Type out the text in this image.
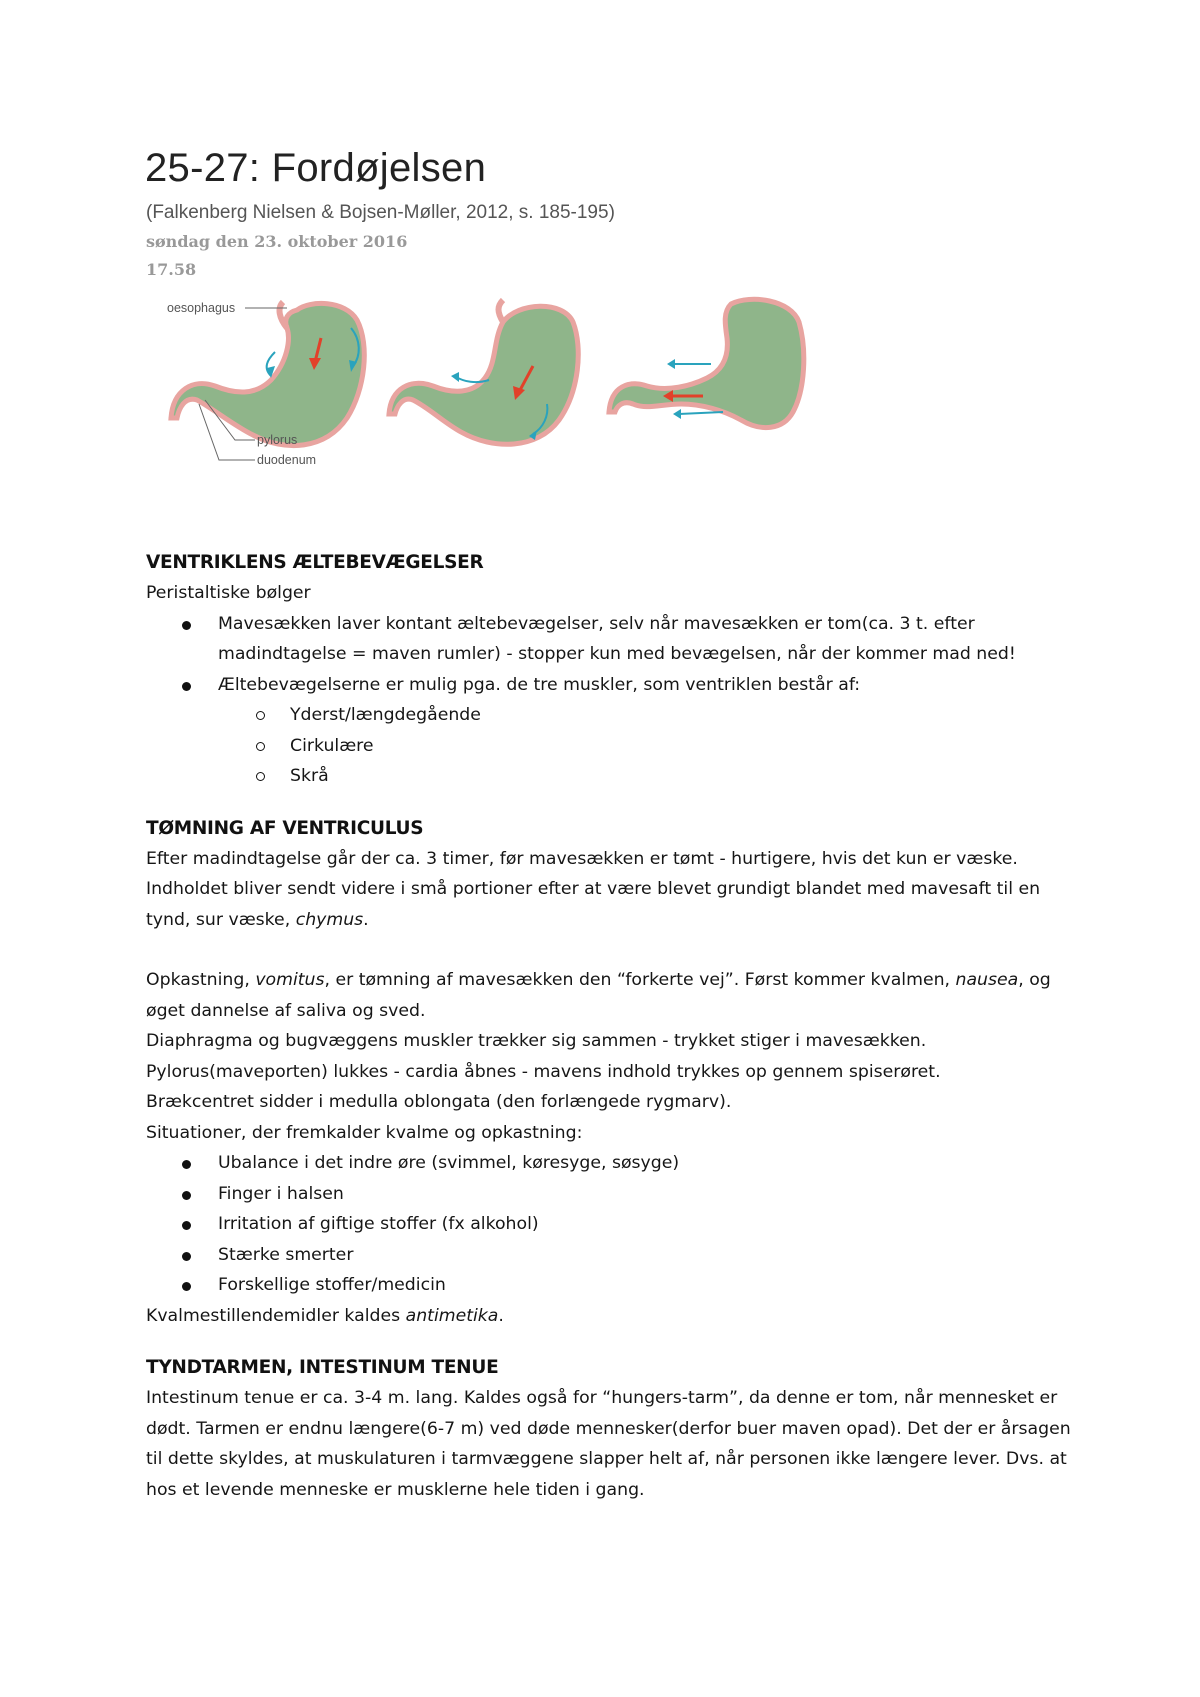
25-27: Fordøjelsen
(Falkenberg Nielsen & Bojsen-Møller, 2012, s. 185-195)
søndag den 23. oktober 2016
17.58
oesophagus
pylorus
duodenum
VENTRIKLENS ÆLTEBEVÆGELSER

Peristaltiske bølger

Mavesækken laver kontant æltebevægelser, selv når mavesækken er tom(ca. 3 t. efter madindtagelse = maven rumler) - stopper kun med bevægelsen, når der kommer mad ned!
Æltebevægelserne er mulig pga. de tre muskler, som ventriklen består af:
Yderst/længdegående
Cirkulære
Skrå
TØMNING AF VENTRICULUS

Efter madindtagelse går der ca. 3 timer, før mavesækken er tømt - hurtigere, hvis det kun er væske. Indholdet bliver sendt videre i små portioner efter at være blevet grundigt blandet med mavesaft til en tynd, sur væske, chymus.

Opkastning, vomitus, er tømning af mavesækken den “forkerte vej”. Først kommer kvalmen, nausea, og øget dannelse af saliva og sved.

Diaphragma og bugvæggens muskler trækker sig sammen - trykket stiger i mavesækken.

Pylorus(maveporten) lukkes - cardia åbnes - mavens indhold trykkes op gennem spiserøret.

Brækcentret sidder i medulla oblongata (den forlængede rygmarv).

Situationer, der fremkalder kvalme og opkastning:

Ubalance i det indre øre (svimmel, køresyge, søsyge)
Finger i halsen
Irritation af giftige stoffer (fx alkohol)
Stærke smerter
Forskellige stoffer/medicin

Kvalmestillendemidler kaldes antimetika.

TYNDTARMEN, INTESTINUM TENUE

Intestinum tenue er ca. 3-4 m. lang. Kaldes også for “hungers-tarm”, da denne er tom, når mennesket er dødt. Tarmen er endnu længere(6-7 m) ved døde mennesker(derfor buer maven opad). Det der er årsagen til dette skyldes, at muskulaturen i tarmvæggene slapper helt af, når personen ikke længere lever. Dvs. at hos et levende menneske er musklerne hele tiden i gang.
